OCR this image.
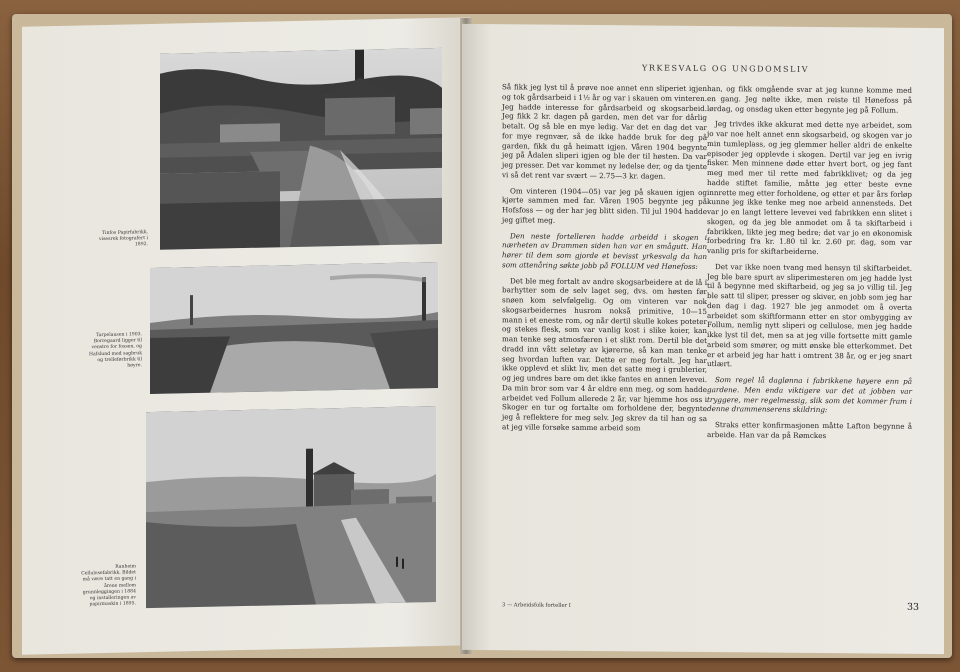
Tinfos Papirfabrikk, visesrek fotografert i 1892.
Tarpelausen i 1903. Borregaard ligger til venstre for fossen, og Hafslund med sagbruk og trelleførbrikk til høyre.
Ranheim Cellulosefabrikk. Bildet må være tatt en gang i årene mellom grunnleggingen i 1884 og installeringen av papirmaskin i 1895.
YRKESVALG OG UNGDOMSLIV

Så fikk jeg lyst til å prøve noe annet enn sliperiet igjen og tok gårdsarbeid i 1½ år og var i skauen om vinteren. Jeg hadde interesse for gårdsarbeid og skogsarbeid. Jeg fikk 2 kr. dagen på garden, men det var for dårlig betalt. Og så ble en mye ledig. Var det en dag det var for mye regnvær, så de ikke hadde bruk for deg på garden, fikk du gå heimatt igjen. Våren 1904 begynte jeg på Ådalen sliperi igjen og ble der til høsten. Da var jeg presser. Det var kommet ny ledelse der, og da tjente vi så det rent var svært — 2.75—3 kr. dagen.

Om vinteren (1904—05) var jeg på skauen igjen og kjørte sammen med far. Våren 1905 begynte jeg på Hofsfoss — og der har jeg blitt siden. Til jul 1904 hadde jeg giftet meg.

Den neste fortelleren hadde arbeidd i skogen i nærheten av Drammen siden han var en smågutt. Han hører til dem som gjorde et bevisst yrkesvalg da han som attenåring søkte jobb på FOLLUM ved Hønefoss:

Det ble meg fortalt av andre skogsarbeidere at de lå i barhytter som de selv laget seg, dvs. om høsten før snøen kom selvfølgelig. Og om vinteren var nok skogsarbeidernes husrom nokså primitive, 10—15 mann i et eneste rom, og når dertil skulle kokes poteter og stekes flesk, som var vanlig kost i slike koier, kan man tenke seg atmosfæren i et slikt rom. Dertil ble det dradd inn vått seletøy av kjørerne, så kan man tenke seg hvordan luften var. Dette er meg fortalt. Jeg har ikke opplevd et slikt liv, men det satte meg i grublerier, og jeg undres bare om det ikke fantes en annen levevei. Da min bror som var 4 år eldre enn meg, og som hadde arbeidet ved Follum allerede 2 år, var hjemme hos oss i Skoger en tur og fortalte om forholdene der, begynte jeg å reflektere for meg selv. Jeg skrev da til han og sa at jeg ville forsøke samme arbeid som

han, og fikk omgående svar at jeg kunne komme med en gang. Jeg nølte ikke, men reiste til Hønefoss på lørdag, og onsdag uken etter begynte jeg på Follum.

Jeg trivdes ikke akkurat med dette nye arbeidet, som jo var noe helt annet enn skogsarbeid, og skogen var jo min tumleplass, og jeg glemmer heller aldri de enkelte episoder jeg opplevde i skogen. Dertil var jeg en ivrig fisker. Men minnene døde etter hvert bort, og jeg fant meg med mer til rette med fabrikklivet; og da jeg hadde stiftet familie, måtte jeg etter beste evne innrette meg etter forholdene, og etter et par års forløp kunne jeg ikke tenke meg noe arbeid annensteds. Det var jo en langt lettere levevei ved fabrikken enn slitet i skogen, og da jeg ble anmodet om å ta skiftarbeid i fabrikken, likte jeg meg bedre; det var jo en økonomisk forbedring fra kr. 1.80 til kr. 2.60 pr. dag, som var vanlig pris for skiftarbeiderne.

Det var ikke noen tvang med hensyn til skiftarbeidet. Jeg ble bare spurt av sliperimesteren om jeg hadde lyst til å begynne med skiftarbeid, og jeg sa jo villig til. Jeg ble satt til sliper, presser og skiver, en jobb som jeg har den dag i dag. 1927 ble jeg anmodet om å overta arbeidet som skiftformann etter en stor ombygging av Follum, nemlig nytt sliperi og cellulose, men jeg hadde ikke lyst til det, men sa at jeg ville fortsette mitt gamle arbeid som smører, og mitt ønske ble etterkommet. Det er et arbeid jeg har hatt i omtrent 38 år, og er jeg snart utlært.

Som regel lå daglønna i fabrikkene høyere enn på gardene. Men enda viktigere var det at jobben var tryggere, mer regelmessig, slik som det kommer fram i denne drammenserens skildring:

Straks etter konfirmasjonen måtte Lafton begynne å arbeide. Han var da på Rømckes

3 — Arbeidsfolk forteller I	33
